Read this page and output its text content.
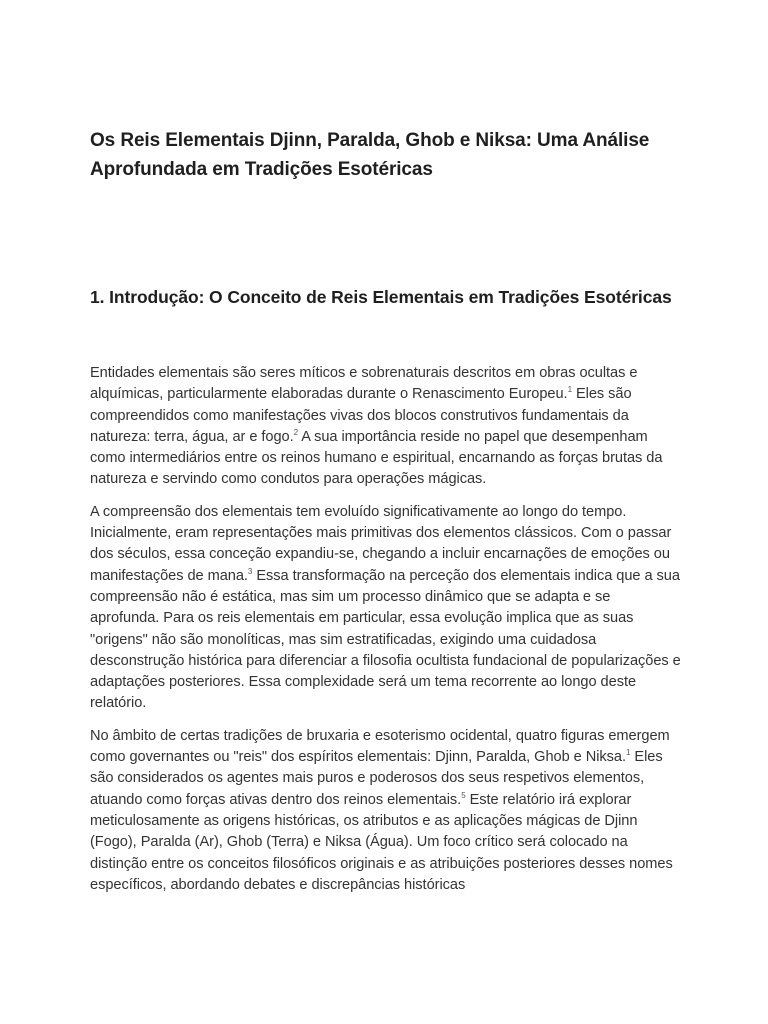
Os Reis Elementais Djinn, Paralda, Ghob e Niksa: Uma Análise Aprofundada em Tradições Esotéricas
1. Introdução: O Conceito de Reis Elementais em Tradições Esotéricas

Entidades elementais são seres míticos e sobrenaturais descritos em obras ocultas e alquímicas, particularmente elaboradas durante o Renascimento Europeu.$^1$ Eles são compreendidos como manifestações vivas dos blocos construtivos fundamentais da natureza: terra, água, ar e fogo.$^2$ A sua importância reside no papel que desempenham como intermediários entre os reinos humano e espiritual, encarnando as forças brutas da natureza e servindo como condutos para operações mágicas.

A compreensão dos elementais tem evoluído significativamente ao longo do tempo. Inicialmente, eram representações mais primitivas dos elementos clássicos. Com o passar dos séculos, essa conceção expandiu-se, chegando a incluir encarnações de emoções ou manifestações de mana.$^3$ Essa transformação na perceção dos elementais indica que a sua compreensão não é estática, mas sim um processo dinâmico que se adapta e se aprofunda. Para os reis elementais em particular, essa evolução implica que as suas "origens" não são monolíticas, mas sim estratificadas, exigindo uma cuidadosa desconstrução histórica para diferenciar a filosofia ocultista fundacional de popularizações e adaptações posteriores. Essa complexidade será um tema recorrente ao longo deste relatório.

No âmbito de certas tradições de bruxaria e esoterismo ocidental, quatro figuras emergem como governantes ou "reis" dos espíritos elementais: Djinn, Paralda, Ghob e Niksa.$^1$ Eles são considerados os agentes mais puros e poderosos dos seus respetivos elementos, atuando como forças ativas dentro dos reinos elementais.$^5$ Este relatório irá explorar meticulosamente as origens históricas, os atributos e as aplicações mágicas de Djinn (Fogo), Paralda (Ar), Ghob (Terra) e Niksa (Água). Um foco crítico será colocado na distinção entre os conceitos filosóficos originais e as atribuições posteriores desses nomes específicos, abordando debates e discrepâncias históricas
